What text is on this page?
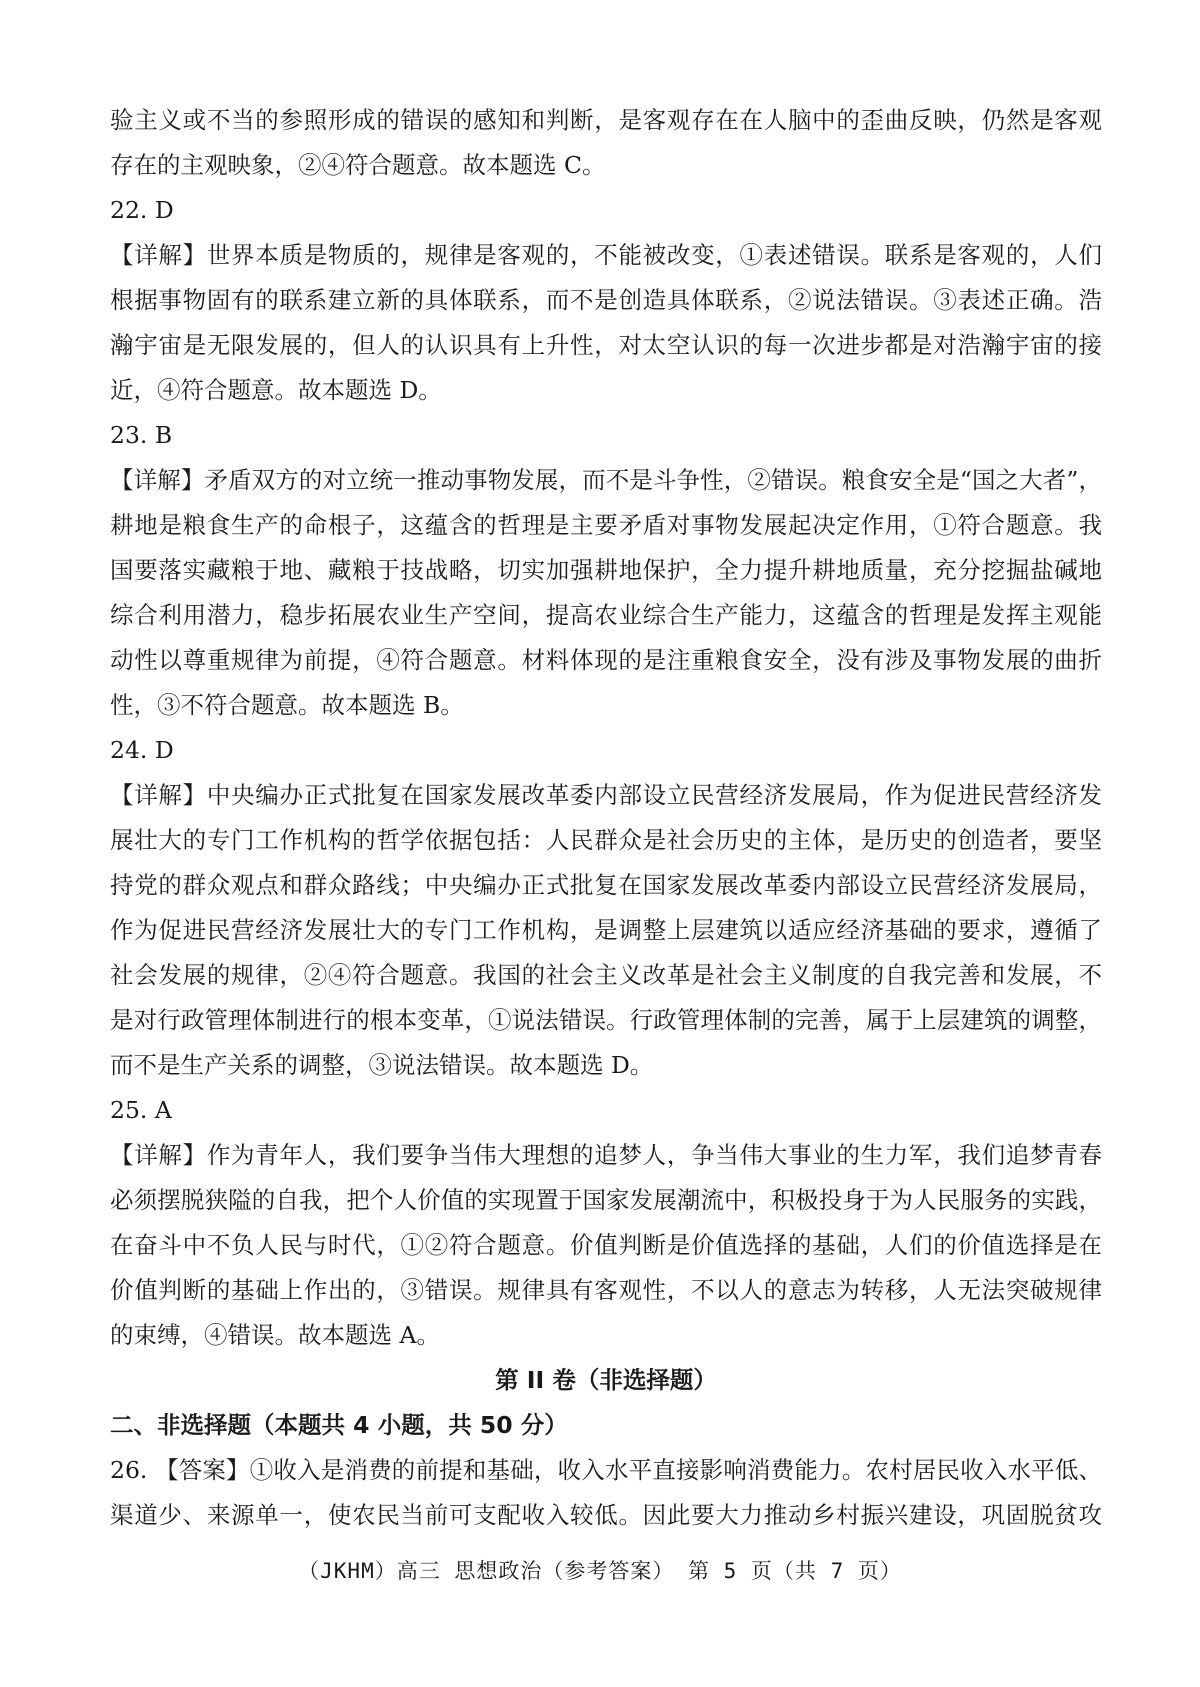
验主义或不当的参照形成的错误的感知和判断，是客观存在在人脑中的歪曲反映，仍然是客观
存在的主观映象，②④符合题意。故本题选 C。

22. D

【详解】世界本质是物质的，规律是客观的，不能被改变，①表述错误。联系是客观的，人们
根据事物固有的联系建立新的具体联系，而不是创造具体联系，②说法错误。③表述正确。浩
瀚宇宙是无限发展的，但人的认识具有上升性，对太空认识的每一次进步都是对浩瀚宇宙的接
近，④符合题意。故本题选 D。

23. B

【详解】矛盾双方的对立统一推动事物发展，而不是斗争性，②错误。粮食安全是“国之大者”，
耕地是粮食生产的命根子，这蕴含的哲理是主要矛盾对事物发展起决定作用，①符合题意。我
国要落实藏粮于地、藏粮于技战略，切实加强耕地保护，全力提升耕地质量，充分挖掘盐碱地
综合利用潜力，稳步拓展农业生产空间，提高农业综合生产能力，这蕴含的哲理是发挥主观能
动性以尊重规律为前提，④符合题意。材料体现的是注重粮食安全，没有涉及事物发展的曲折
性，③不符合题意。故本题选 B。

24. D

【详解】中央编办正式批复在国家发展改革委内部设立民营经济发展局，作为促进民营经济发
展壮大的专门工作机构的哲学依据包括：人民群众是社会历史的主体，是历史的创造者，要坚
持党的群众观点和群众路线；中央编办正式批复在国家发展改革委内部设立民营经济发展局，
作为促进民营经济发展壮大的专门工作机构，是调整上层建筑以适应经济基础的要求，遵循了
社会发展的规律，②④符合题意。我国的社会主义改革是社会主义制度的自我完善和发展，不
是对行政管理体制进行的根本变革，①说法错误。行政管理体制的完善，属于上层建筑的调整，
而不是生产关系的调整，③说法错误。故本题选 D。

25. A

【详解】作为青年人，我们要争当伟大理想的追梦人，争当伟大事业的生力军，我们追梦青春
必须摆脱狭隘的自我，把个人价值的实现置于国家发展潮流中，积极投身于为人民服务的实践，
在奋斗中不负人民与时代，①②符合题意。价值判断是价值选择的基础，人们的价值选择是在
价值判断的基础上作出的，③错误。规律具有客观性，不以人的意志为转移，人无法突破规律
的束缚，④错误。故本题选 A。

第 II 卷（非选择题）

二、非选择题（本题共 4 小题，共 50 分）

26. 【答案】①收入是消费的前提和基础，收入水平直接影响消费能力。农村居民收入水平低、
渠道少、来源单一，使农民当前可支配收入较低。因此要大力推动乡村振兴建设，巩固脱贫攻
（JKHM）高三 思想政治（参考答案） 第 5 页（共 7 页）
